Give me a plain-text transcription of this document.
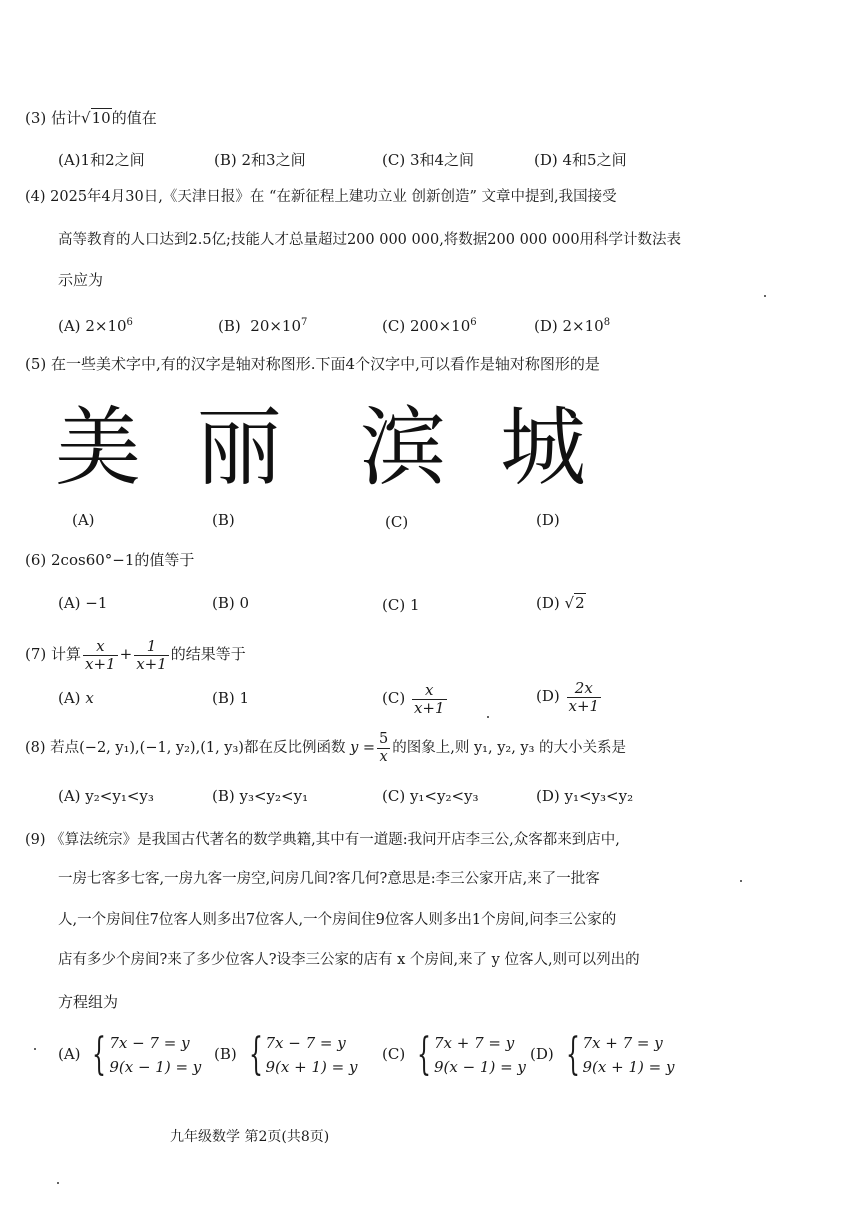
(3) 估计√10的值在
(A)1和2之间	(B) 2和3之间	(C) 3和4之间	(D) 4和5之间
(4) 2025年4月30日,《天津日报》在 “在新征程上建功立业 创新创造” 文章中提到,我国接受
高等教育的人口达到2.5亿;技能人才总量超过200 000 000,将数据200 000 000用科学计数法表
示应为
(A) $2\times 10^6$	(B) $20\times 10^7$	(C) $200\times 10^6$	(D) $2\times 10^8$
(5) 在一些美术字中,有的汉字是轴对称图形.下面4个汉字中,可以看作是轴对称图形的是
美 丽 滨 城
(A)	(B)	(C)	(D)
(6) 2cos60°−1的值等于
(A) −1	(B) 0	(C) 1	(D) √2
(7) 计算 $\frac{x}{x+1} + \frac{1}{x+1}$ 的结果等于
(A) x	(B) 1	$(C) \frac{x}{x+1}$	$(D) \frac{2x}{x+1}$
(8) 若点(−2, y₁),(−1, y₂),(1, y₃)都在反比例函数 $y = \frac{5}{x}$ 的图象上,则 y₁, y₂, y₃ 的大小关系是
(A) y₂<y₁<y₃	(B) y₃<y₂<y₁	(C) y₁<y₂<y₃	(D) y₁<y₃<y₂
(9) 《算法统宗》是我国古代著名的数学典籍,其中有一道题:我问开店李三公,众客都来到店中,
一房七客多七客,一房九客一房空,问房几间?客几何?意思是:李三公家开店,来了一批客
人,一个房间住7位客人则多出7位客人,一个房间住9位客人则多出1个房间,问李三公家的
店有多少个房间?来了多少位客人?设李三公家的店有 x 个房间,来了 y 位客人,则可以列出的
方程组为
(A) { 7x − 7 = y
9(x − 1) = y
(B) { 7x − 7 = y
9(x + 1) = y
(C) { 7x + 7 = y
9(x − 1) = y
(D) { 7x + 7 = y
9(x + 1) = y
九年级数学 第2页(共8页)
